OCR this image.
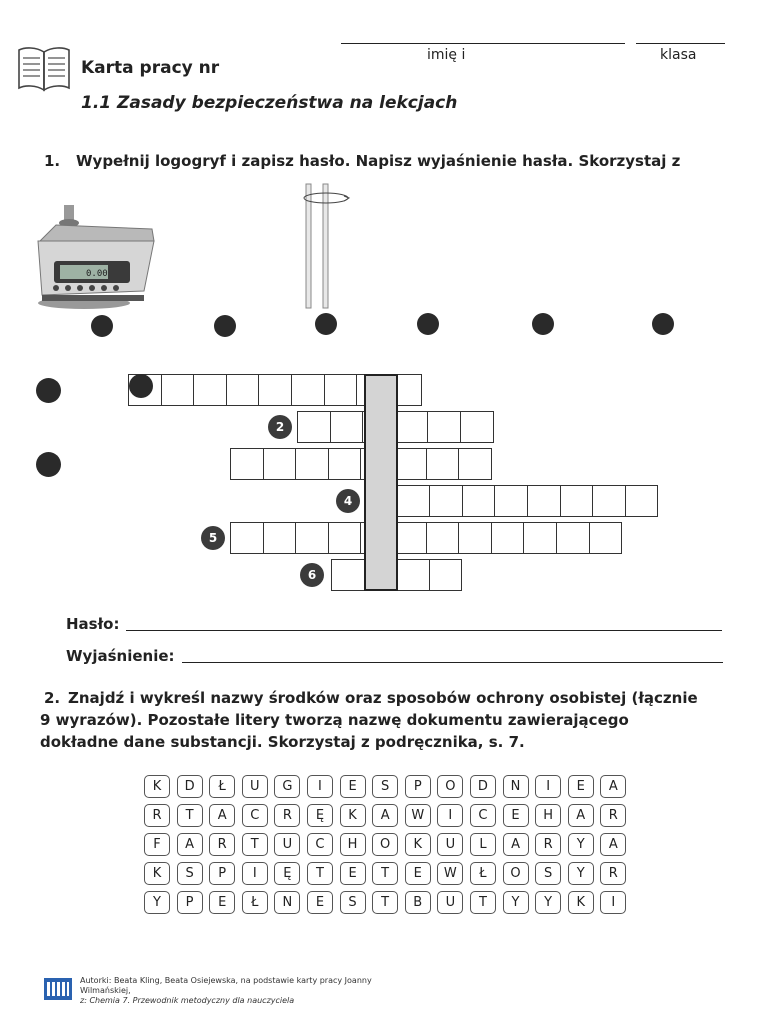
Karta pracy nr
1.1 Zasady bezpieczeństwa na lekcjach
imię i	klasa
1. Wypełnij logogryf i zapisz hasło. Napisz wyjaśnienie hasła. Skorzystaj z
0.00
2
4
5
6
Hasło:
Wyjaśnienie:
2. Znajdź i wykreśl nazwy środków oraz sposobów ochrony osobistej (łącznie
9 wyrazów). Pozostałe litery tworzą nazwę dokumentu zawierającego
dokładne dane substancji. Skorzystaj z podręcznika, s. 7.
K	D	Ł	U	G	I	E	S	P	O	D	N	I	E	A
R	T	A	C	R	Ę	K	A	W	I	C	E	H	A	R
F	A	R	T	U	C	H	O	K	U	L	A	R	Y	A
K	S	P	I	Ę	T	E	T	E	W	Ł	O	S	Y	R
Y	P	E	Ł	N	E	S	T	B	U	T	Y	Y	K	I
Autorki: Beata Kling, Beata Osiejewska, na podstawie karty pracy Joanny
Wilmańskiej,
z: Chemia 7. Przewodnik metodyczny dla nauczyciela
